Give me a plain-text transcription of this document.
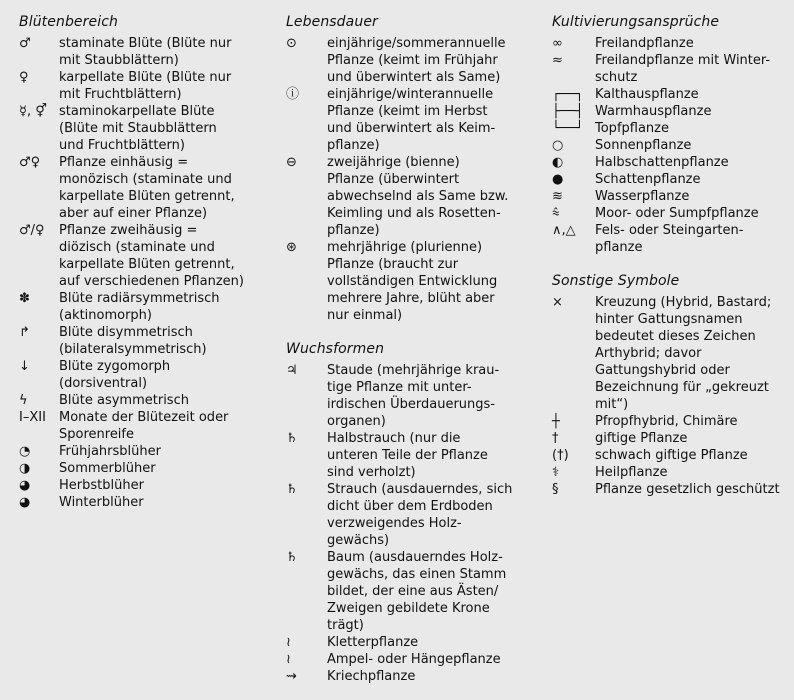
Blütenbereich
♂	staminate Blüte (Blüte nur
mit Staubblättern)
♀	karpellate Blüte (Blüte nur
mit Fruchtblättern)
☿, ⚥ staminokarpellate Blüte
(Blüte mit Staubblättern
und Fruchtblättern)
♂♀	Pflanze einhäusig =
monözisch (staminate und
karpellate Blüten getrennt,
aber auf einer Pflanze)
♂/♀	Pflanze zweihäusig =
diözisch (staminate und
karpellate Blüten getrennt,
auf verschiedenen Pflanzen)
✽	Blüte radiärsymmetrisch
(aktinomorph)
↱	Blüte disymmetrisch
(bilateralsymmetrisch)
↓	Blüte zygomorph
(dorsiventral)
ϟ	Blüte asymmetrisch
I–XII	Monate der Blütezeit oder
Sporenreife
◔	Frühjahrsblüher
◑	Sommerblüher
◕	Herbstblüher
◕	Winterblüher
Lebensdauer
⊙	einjährige/sommerannuelle
Pflanze (keimt im Frühjahr
und überwintert als Same)
ⓘ	einjährige/winterannuelle
Pflanze (keimt im Herbst
und überwintert als Keim-
pflanze)
⊖	zweijährige (bienne)
Pflanze (überwintert
abwechselnd als Same bzw.
Keimling und als Rosetten-
pflanze)
⊛	mehrjährige (plurienne)
Pflanze (braucht zur
vollständigen Entwicklung
mehrere Jahre, blüht aber
nur einmal)
Wuchsformen
♃	Staude (mehrjährige krau-
tige Pflanze mit unter-
irdischen Überdauerungs-
organen)
♄	Halbstrauch (nur die
unteren Teile der Pflanze
sind verholzt)
♄	Strauch (ausdauerndes, sich
dicht über dem Erdboden
verzweigendes Holz-
gewächs)
♄	Baum (ausdauerndes Holz-
gewächs, das einen Stamm
bildet, der eine aus Ästen/
Zweigen gebildete Krone
trägt)
≀	Kletterpflanze
≀	Ampel- oder Hängepflanze
⇝	Kriechpflanze
Kultivierungsansprüche
∞	Freilandpflanze
≈	Freilandpflanze mit Winter-
schutz
┌──┐ Kalthauspflanze
├──┤ Warmhauspflanze
└──┘ Topfpflanze
○	Sonnenpflanze
◐	Halbschattenpflanze
●	Schattenpflanze
≋	Wasserpflanze
⩯	Moor- oder Sumpfpflanze
∧,△	Fels- oder Steingarten-
pflanze
Sonstige Symbole
×	Kreuzung (Hybrid, Bastard;
hinter Gattungsnamen
bedeutet dieses Zeichen
Arthybrid; davor
Gattungshybrid oder
Bezeichnung für „gekreuzt
mit“)
┼	Pfropfhybrid, Chimäre
†	giftige Pflanze
(†)	schwach giftige Pflanze
⚕	Heilpflanze
§	Pflanze gesetzlich geschützt
